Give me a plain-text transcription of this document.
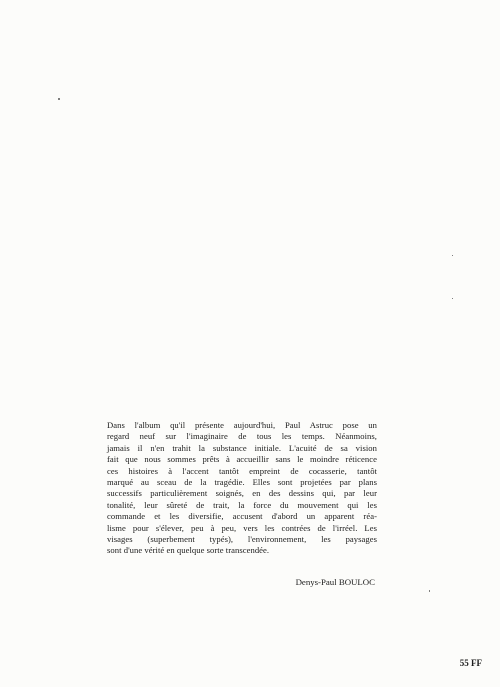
Dans l'album qu'il présente aujourd'hui, Paul Astruc pose un
regard neuf sur l'imaginaire de tous les temps. Néanmoins,
jamais il n'en trahit la substance initiale. L'acuité de sa vision
fait que nous sommes prêts à accueillir sans le moindre réticence
ces histoires à l'accent tantôt empreint de cocasserie, tantôt
marqué au sceau de la tragédie. Elles sont projetées par plans
successifs particulièrement soignés, en des dessins qui, par leur
tonalité, leur sûreté de trait, la force du mouvement qui les
commande et les diversifie, accusent d'abord un apparent réa-
lisme pour s'élever, peu à peu, vers les contrées de l'irréel. Les
visages (superbement typés), l'environnement, les paysages
sont d'une vérité en quelque sorte transcendée.
Denys-Paul BOULOC
55 FF
